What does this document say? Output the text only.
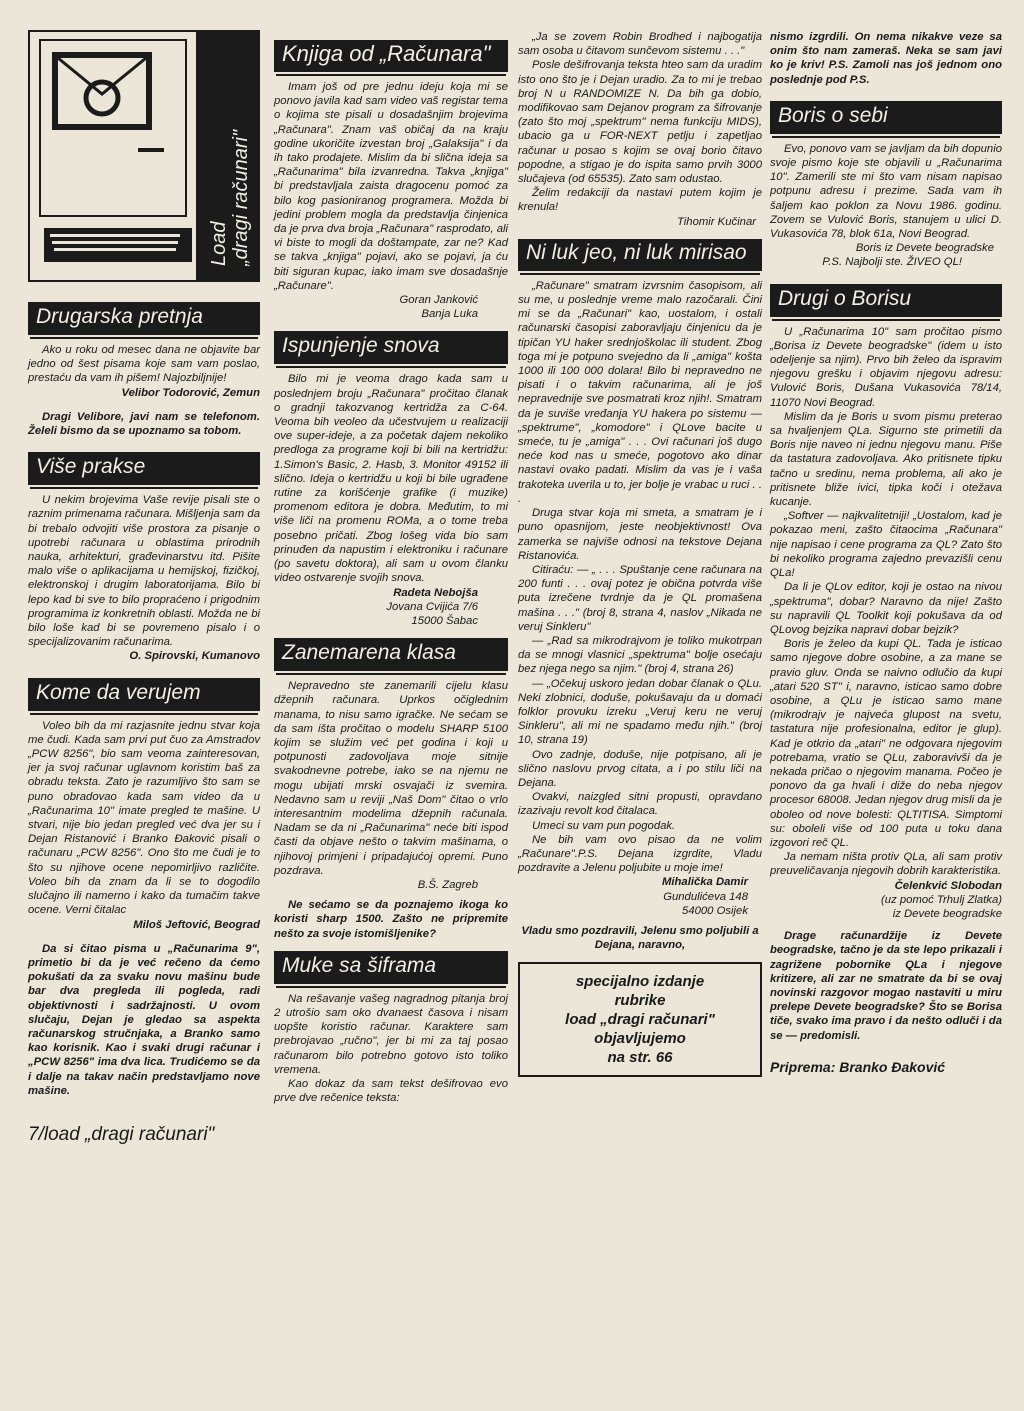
Load
„dragi računari"
Drugarska pretnja

Ako u roku od mesec dana ne objavite bar jedno od šest pisama koje sam vam poslao, prestaću da vam ih pišem! Najozbiljnije!

Velibor Todorović, Zemun

Dragi Velibore, javi nam se telefonom. Želeli bismo da se upoznamo sa tobom.

Više prakse

U nekim brojevima Vaše revije pisali ste o raznim primenama računara. Mišljenja sam da bi trebalo odvojiti više prostora za pisanje o upotrebi računara u oblastima prirodnih nauka, arhitekturi, građevinarstvu itd. Pišite malo više o aplikacijama u hemijskoj, fizičkoj, elektronskoj i drugim laboratorijama. Bilo bi lepo kad bi sve to bilo propraćeno i prigodnim programima iz konkretnih oblasti. Možda ne bi bilo loše kad bi se povremeno pisalo i o specijalizovanim računarima.

O. Spirovski, Kumanovo
Kome da verujem

Voleo bih da mi razjasnite jednu stvar koja me čudi. Kada sam prvi put čuo za Amstradov „PCW 8256", bio sam veoma zainteresovan, jer ja svoj računar uglavnom koristim baš za obradu teksta. Zato je razumljivo što sam se puno obradovao kada sam video da u „Računarima 10" imate pregled te mašine. U stvari, nije bio jedan pregled već dva jer su i Dejan Ristanović i Branko Đaković pisali o računaru „PCW 8256". Ono što me čudi je to što su njihove ocene nepomirljivo različite. Voleo bih da znam da li se to dogodilo slučajno ili namerno i kako da tumačim takve ocene. Verni čitalac

Miloš Jeftović, Beograd

Da si čitao pisma u „Računarima 9", primetio bi da je već rečeno da ćemo pokušati da za svaku novu mašinu bude bar dva pregleda ili pogleda, radi objektivnosti i sadržajnosti. U ovom slučaju, Dejan je gledao sa aspekta računarskog stručnjaka, a Branko samo kao korisnik. Kao i svaki drugi računar i „PCW 8256" ima dva lica. Trudićemo se da i dalje na takav način predstavljamo nove mašine.

7/load „dragi računari"
Knjiga od „Računara"

Imam još od pre jednu ideju koja mi se ponovo javila kad sam video vaš registar tema o kojima ste pisali u dosadašnjim brojevima „Računara". Znam vaš običaj da na kraju godine ukoričite izvestan broj „Galaksija" i da ih tako prodajete. Mislim da bi slična ideja sa „Računarima" bila izvanredna. Takva „knjiga" bi predstavljala zaista dragocenu pomoć za bilo kog pasioniranog programera. Možda bi jedini problem mogla da predstavlja činjenica da je prva dva broja „Računara" rasprodato, ali vi biste to mogli da doštampate, zar ne? Kad se takva „knjiga" pojavi, ako se pojavi, ja ću biti siguran kupac, iako imam sve dosadašnje „Računare".

Goran Janković
Banja Luka
Ispunjenje snova

Bilo mi je veoma drago kada sam u poslednjem broju „Računara" pročitao članak o gradnji takozvanog kertridža za C-64. Veoma bih veoleo da učestvujem u realizaciji ove super-ideje, a za početak dajem nekoliko predloga za programe koji bi bili na kertridžu: 1.Simon's Basic, 2. Hasb, 3. Monitor 49152 ili slično. Ideja o kertridžu u koji bi bile ugrađene rutine za korišćenje grafike (i muzike) promenom editora je dobra. Međutim, to mi više liči na promenu ROMa, a o tome treba posebno pričati. Zbog lošeg vida bio sam prinuđen da napustim i elektroniku i računare (po savetu doktora), ali sam u ovom članku video ostvarenje svojih snova.

Radeta Nebojša
Jovana Cvijića 7/6
15000 Šabac
Zanemarena klasa

Nepravedno ste zanemarili cijelu klasu džepnih računara. Uprkos očiglednim manama, to nisu samo igračke. Ne sećam se da sam išta pročitao o modelu SHARP 5100 kojim se služim već pet godina i koji u potpunosti zadovoljava moje sitnije svakodnevne potrebe, iako se na njemu ne mogu ubijati mrski osvajači iz svemira. Nedavno sam u reviji „Naš Dom" čitao o vrlo interesantnim modelima džepnih računala. Nadam se da ni „Računarima" neće biti ispod časti da objave nešto o takvim mašinama, o njihovoj primjeni i pripadajućoj opremi. Puno pozdrava.

B.Š. Zagreb

Ne sećamo se da poznajemo ikoga ko koristi sharp 1500. Zašto ne pripremite nešto za svoje istomišljenike?

Muke sa šiframa

Na rešavanje vašeg nagradnog pitanja broj 2 utrošio sam oko dvanaest časova i nisam uopšte koristio računar. Karaktere sam prebrojavao „ručno", jer bi mi za taj posao računarom bilo potrebno gotovo isto toliko vremena.

Kao dokaz da sam tekst dešifrovao evo prve dve rečenice teksta:

„Ja se zovem Robin Brodhed i najbogatija sam osoba u čitavom sunčevom sistemu . . ."

Posle dešifrovanja teksta hteo sam da uradim isto ono što je i Dejan uradio. Za to mi je trebao broj N u RANDOMIZE N. Da bih ga dobio, modifikovao sam Dejanov program za šifrovanje (zato što moj „spektrum" nema funkciju MIDS), ubacio ga u FOR-NEXT petlju i zapetljao računar u posao s kojim se ovaj borio čitavo popodne, a stigao je do ispita samo prvih 3000 slučajeva (od 65535). Zato sam odustao.

Želim redakciji da nastavi putem kojim je krenula!

Tihomir Kučinar
Ni luk jeo, ni luk mirisao

„Računare" smatram izvrsnim časopisom, ali su me, u poslednje vreme malo razočarali. Čini mi se da „Računari" kao, uostalom, i ostali računarski časopisi zaboravljaju činjenicu da je tipičan YU haker srednjoškolac ili student. Zbog toga mi je potpuno svejedno da li „amiga" košta 1000 ili 100 000 dolara! Bilo bi nepravedno ne pisati i o takvim računarima, ali je još nepravednije sve posmatrati kroz njih!. Smatram da je suviše vređanja YU hakera po sistemu — „spektrume", „komodore" i QLove bacite u smeće, tu je „amiga" . . . Ovi računari još dugo neće kod nas u smeće, pogotovo ako dinar nastavi ovako padati. Mislim da vas je i vaša trakoteka uverila u to, jer bolje je vrabac u ruci . . .

Druga stvar koja mi smeta, a smatram je i puno opasnijom, jeste neobjektivnost! Ova zamerka se najviše odnosi na tekstove Dejana Ristanovića.

Citiraću: — „ . . . Spuštanje cene računara na 200 funti . . . ovaj potez je obična potvrda više puta izrečene tvrdnje da je QL promašena mašina . . ." (broj 8, strana 4, naslov „Nikada ne veruj Sinkleru"

— „Rad sa mikrodrajvom je toliko mukotrpan da se mnogi vlasnici „spektruma" bolje osećaju bez njega nego sa njim." (broj 4, strana 26)

— „Očekuj uskoro jedan dobar članak o QLu. Neki zlobnici, doduše, pokušavaju da u domaći folklor provuku izreku „Veruj keru ne veruj Sinkleru", ali mi ne spadamo među njih." (broj 10, strana 19)

Ovo zadnje, doduše, nije potpisano, ali je slično naslovu prvog citata, a i po stilu liči na Dejana.

Ovakvi, naizgled sitni propusti, opravdano izazivaju revolt kod čitalaca.

Umeci su vam pun pogodak.

Ne bih vam ovo pisao da ne volim „Računare".P.S. Dejana izgrdite, Vladu pozdravite a Jelenu poljubite u moje ime!

Mihalička Damir
Gundulićeva 148
54000 Osijek

Vladu smo pozdravili, Jelenu smo poljubili a Dejana, naravno,

specijalno izdanje
rubrike
load „dragi računari"
objavljujemo
na str. 66

nismo izgrdili. On nema nikakve veze sa onim što nam zameraš. Neka se sam javi ko je kriv! P.S. Zamoli nas još jednom ono poslednje pod P.S.

Boris o sebi

Evo, ponovo vam se javljam da bih dopunio svoje pismo koje ste objavili u „Računarima 10". Zamerili ste mi što vam nisam napisao potpunu adresu i prezime. Sada vam ih šaljem kao poklon za Novu 1986. godinu. Zovem se Vulović Boris, stanujem u ulici D. Vukasovića 78, blok 61a, Novi Beograd.

Boris iz Devete beogradske
P.S. Najbolji ste. ŽIVEO QL!
Drugi o Borisu

U „Računarima 10" sam pročitao pismo „Borisa iz Devete beogradske" (idem u isto odeljenje sa njim). Prvo bih želeo da ispravim njegovu grešku i objavim njegovu adresu: Vulović Boris, Dušana Vukasovića 78/14, 11070 Novi Beograd.

Mislim da je Boris u svom pismu preterao sa hvaljenjem QLa. Sigurno ste primetili da Boris nije naveo ni jednu njegovu manu. Piše da tastatura zadovoljava. Ako pritisnete tipku tačno u sredinu, nema problema, ali ako je pritisnete bliže ivici, tipka koči i otežava kucanje.

„Softver — najkvalitetniji! „Uostalom, kad je pokazao meni, zašto čitaocima „Računara" nije napisao i cene programa za QL? Zato što bi nekoliko programa zajedno prevazišli cenu QLa!

Da li je QLov editor, koji je ostao na nivou „spektruma", dobar? Naravno da nije! Zašto su napravili QL Toolkit koji pokušava da od QLovog bejzika napravi dobar bejzik?

Boris je želeo da kupi QL. Tada je isticao samo njegove dobre osobine, a za mane se pravio gluv. Onda se naivno odlučio da kupi „atari 520 ST" i, naravno, isticao samo dobre osobine, a QLu je isticao samo mane (mikrodrajv je najveća glupost na svetu, tastatura nije profesionalna, editor je glup). Kad je otkrio da „atari" ne odgovara njegovim potrebama, vratio se QLu, zaboravivši da je nekada pričao o njegovim manama. Počeo je ponovo da ga hvali i diže do neba njegov procesor 68008. Jedan njegov drug misli da je oboleo od nove bolesti: QLTITISA. Simptomi su: oboleli više od 100 puta u toku dana izgovori reč QL.

Ja nemam ništa protiv QLa, ali sam protiv preuveličavanja njegovih dobrih karakteristika.

Čelenkvić Slobodan
(uz pomoć Trhulj Zlatka)
iz Devete beogradske

Drage računardžije iz Devete beogradske, tačno je da ste lepo prikazali i zagrižene pobornike QLa i njegove kritizere, ali zar ne smatrate da bi se ovaj novinski razgovor mogao nastaviti u miru prelepe Devete beogradske? Što se Borisa tiče, svako ima pravo i da nešto odluči i da se — predomisli.

Priprema: Branko Đaković
